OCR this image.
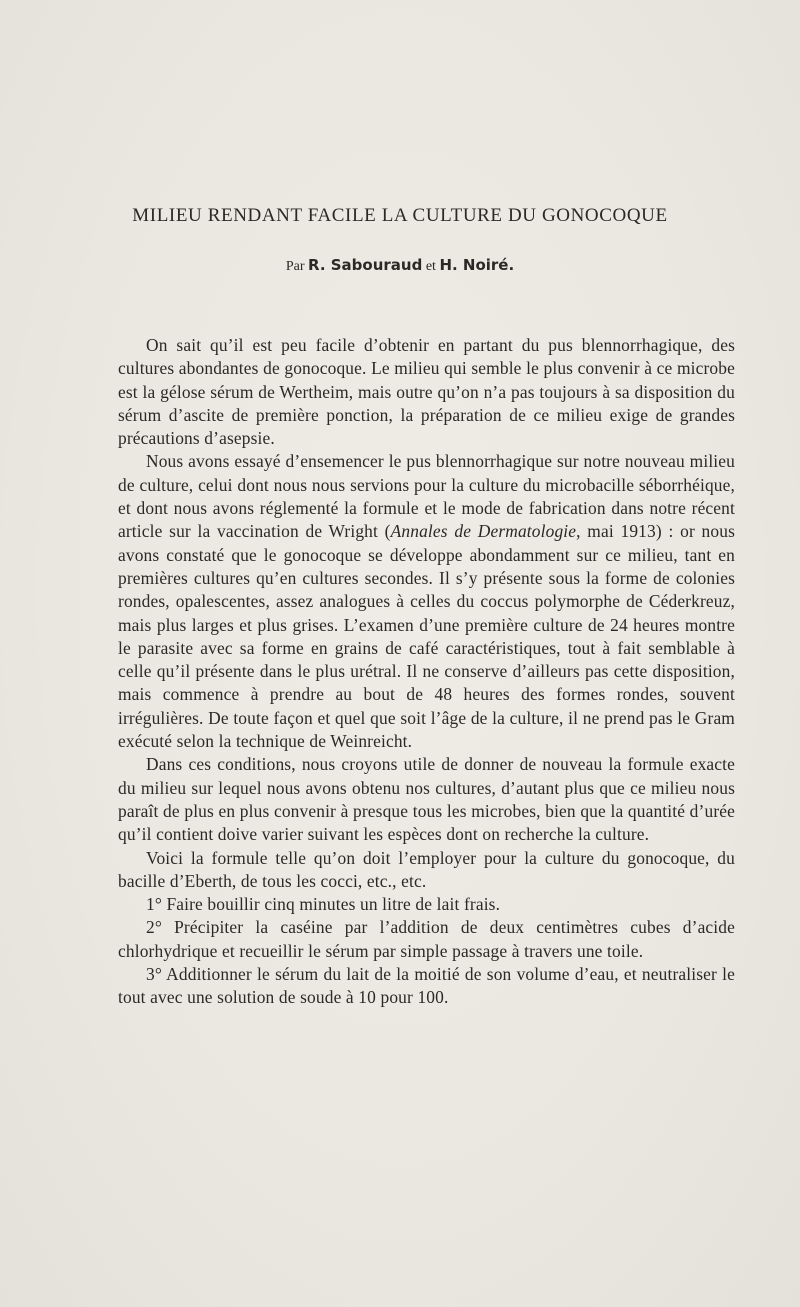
MILIEU RENDANT FACILE LA CULTURE DU GONOCOQUE

Par R. Sabouraud et H. Noiré.

On sait qu’il est peu facile d’obtenir en partant du pus blennorrhagique, des cultures abondantes de gonocoque. Le milieu qui semble le plus convenir à ce microbe est la gélose sérum de Wertheim, mais outre qu’on n’a pas toujours à sa disposition du sérum d’ascite de première ponction, la préparation de ce milieu exige de grandes précautions d’asepsie.

Nous avons essayé d’ensemencer le pus blennorrhagique sur notre nouveau milieu de culture, celui dont nous nous servions pour la culture du microbacille séborrhéique, et dont nous avons réglementé la formule et le mode de fabrication dans notre récent article sur la vaccination de Wright (Annales de Dermatologie, mai 1913) : or nous avons constaté que le gonocoque se développe abondamment sur ce milieu, tant en premières cultures qu’en cultures secondes. Il s’y présente sous la forme de colonies rondes, opalescentes, assez analogues à celles du coccus polymorphe de Céderkreuz, mais plus larges et plus grises. L’examen d’une première culture de 24 heures montre le parasite avec sa forme en grains de café caractéristiques, tout à fait semblable à celle qu’il présente dans le plus urétral. Il ne conserve d’ailleurs pas cette disposition, mais commence à prendre au bout de 48 heures des formes rondes, souvent irrégulières. De toute façon et quel que soit l’âge de la culture, il ne prend pas le Gram exécuté selon la technique de Weinreicht.

Dans ces conditions, nous croyons utile de donner de nouveau la formule exacte du milieu sur lequel nous avons obtenu nos cultures, d’autant plus que ce milieu nous paraît de plus en plus convenir à presque tous les microbes, bien que la quantité d’urée qu’il contient doive varier suivant les espèces dont on recherche la culture.

Voici la formule telle qu’on doit l’employer pour la culture du gonocoque, du bacille d’Eberth, de tous les cocci, etc., etc.

1° Faire bouillir cinq minutes un litre de lait frais.

2° Précipiter la caséine par l’addition de deux centimètres cubes d’acide chlorhydrique et recueillir le sérum par simple passage à travers une toile.

3° Additionner le sérum du lait de la moitié de son volume d’eau, et neutraliser le tout avec une solution de soude à 10 pour 100.
